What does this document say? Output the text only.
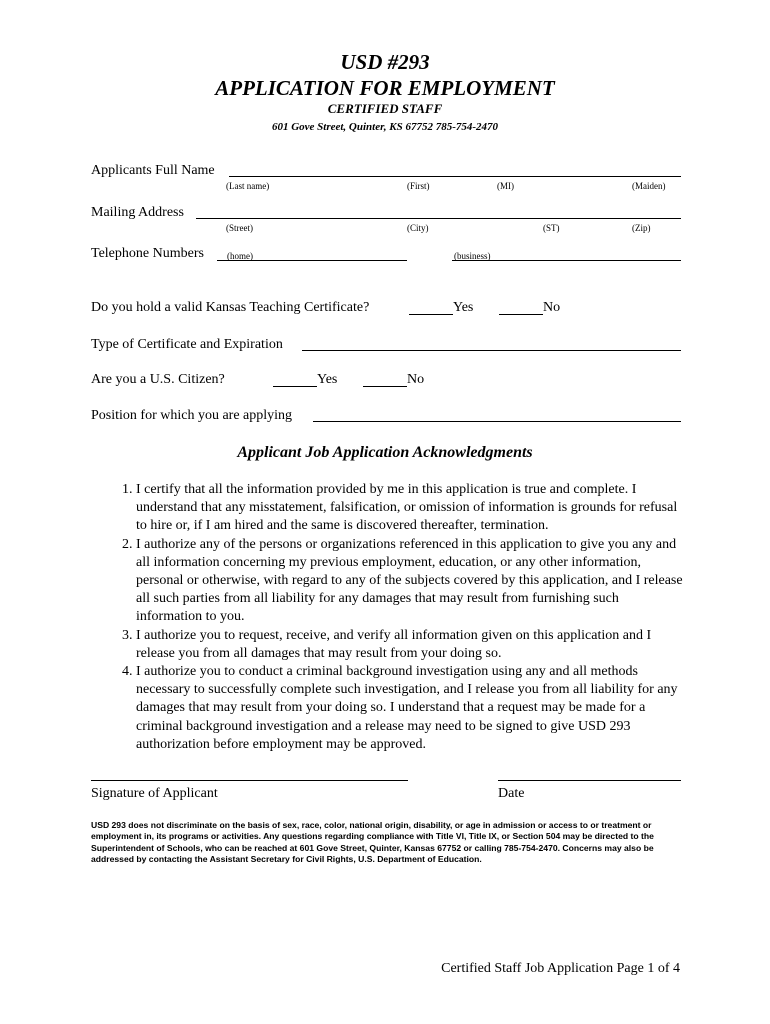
USD #293
APPLICATION FOR EMPLOYMENT
CERTIFIED STAFF
601 Gove Street, Quinter, KS 67752 785-754-2470
Applicants Full Name
(Last name)	(First)	(MI)	(Maiden)
Mailing Address
(Street)	(City)	(ST)	(Zip)
Telephone Numbers	(home)	(business)
Do you hold a valid Kansas Teaching Certificate?	Yes	No
Type of Certificate and Expiration
Are you a U.S. Citizen?	Yes	No
Position for which you are applying
Applicant Job Application Acknowledgments
1. I certify that all the information provided by me in this application is true and complete. I understand that any misstatement, falsification, or omission of information is grounds for refusal to hire or, if I am hired and the same is discovered thereafter, termination.
2. I authorize any of the persons or organizations referenced in this application to give you any and all information concerning my previous employment, education, or any other information, personal or otherwise, with regard to any of the subjects covered by this application, and I release all such parties from all liability for any damages that may result from furnishing such information to you.
3. I authorize you to request, receive, and verify all information given on this application and I release you from all damages that may result from your doing so.
4. I authorize you to conduct a criminal background investigation using any and all methods necessary to successfully complete such investigation, and I release you from all liability for any damages that may result from your doing so. I understand that a request may be made for a criminal background investigation and a release may need to be signed to give USD 293 authorization before employment may be approved.
Signature of Applicant	Date
USD 293 does not discriminate on the basis of sex, race, color, national origin, disability, or age in admission or access to or treatment or employment in, its programs or activities. Any questions regarding compliance with Title VI, Title IX, or Section 504 may be directed to the Superintendent of Schools, who can be reached at 601 Gove Street, Quinter, Kansas 67752 or calling 785-754-2470. Concerns may also be addressed by contacting the Assistant Secretary for Civil Rights, U.S. Department of Education.
Certified Staff Job Application Page 1 of 4
